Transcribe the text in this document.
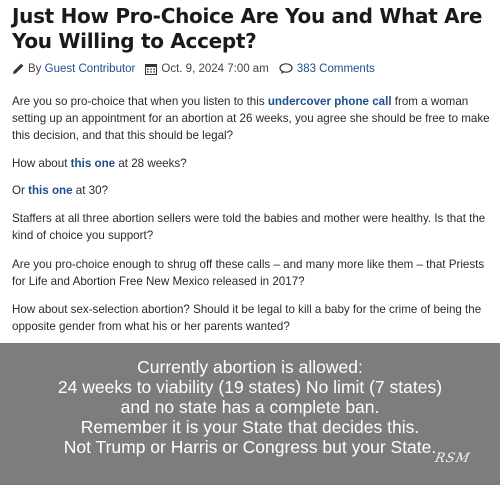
Just How Pro-Choice Are You and What Are
You Willing to Accept?
By
Guest Contributor Oct. 9, 2024 7:00 am 383 Comments

Are you so pro-choice that when you listen to this undercover phone call from a woman setting up an appointment for an abortion at 26 weeks, you agree she should be free to make this decision, and that this should be legal?

How about this one at 28 weeks?

Or this one at 30?

Staffers at all three abortion sellers were told the babies and mother were healthy. Is that the kind of choice you support?

Are you pro-choice enough to shrug off these calls – and many more like them – that Priests for Life and Abortion Free New Mexico released in 2017?

How about sex-selection abortion? Should it be legal to kill a baby for the crime of being the opposite gender from what his or her parents wanted?

Currently abortion is allowed:
24 weeks to viability (19 states) No limit (7 states)
and no state has a complete ban.
Remember it is your State that decides this.
Not Trump or Harris or Congress but your State.
RSM
